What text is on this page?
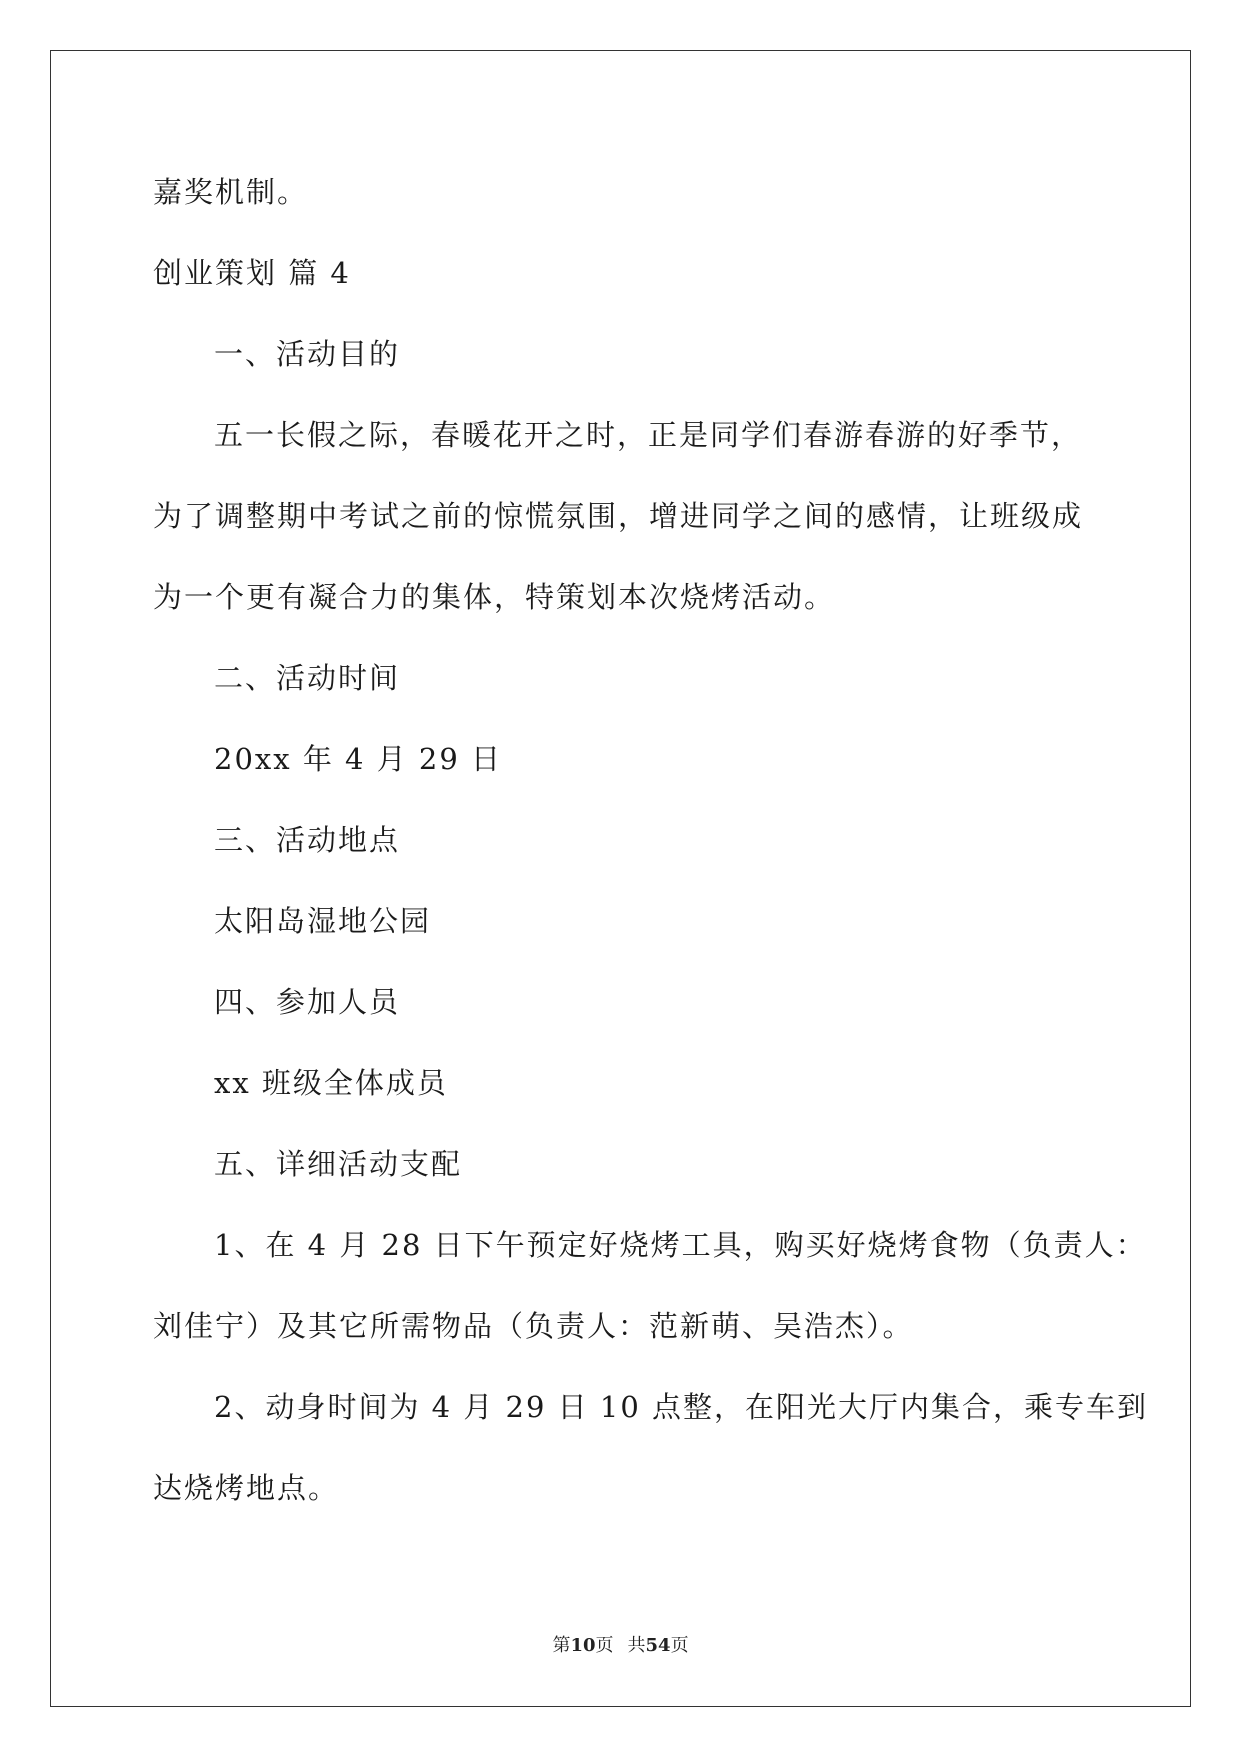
嘉奖机制。
创业策划 篇 4
一、活动目的
五一长假之际，春暖花开之时，正是同学们春游春游的好季节，
为了调整期中考试之前的惊慌氛围，增进同学之间的感情，让班级成
为一个更有凝合力的集体，特策划本次烧烤活动。
二、活动时间
20xx 年 4 月 29 日
三、活动地点
太阳岛湿地公园
四、参加人员
xx 班级全体成员
五、详细活动支配
1、在 4 月 28 日下午预定好烧烤工具，购买好烧烤食物（负责人：
刘佳宁）及其它所需物品（负责人：范新萌、吴浩杰）。
2、动身时间为 4 月 29 日 10 点整，在阳光大厅内集合，乘专车到
达烧烤地点。
第10页 共54页
